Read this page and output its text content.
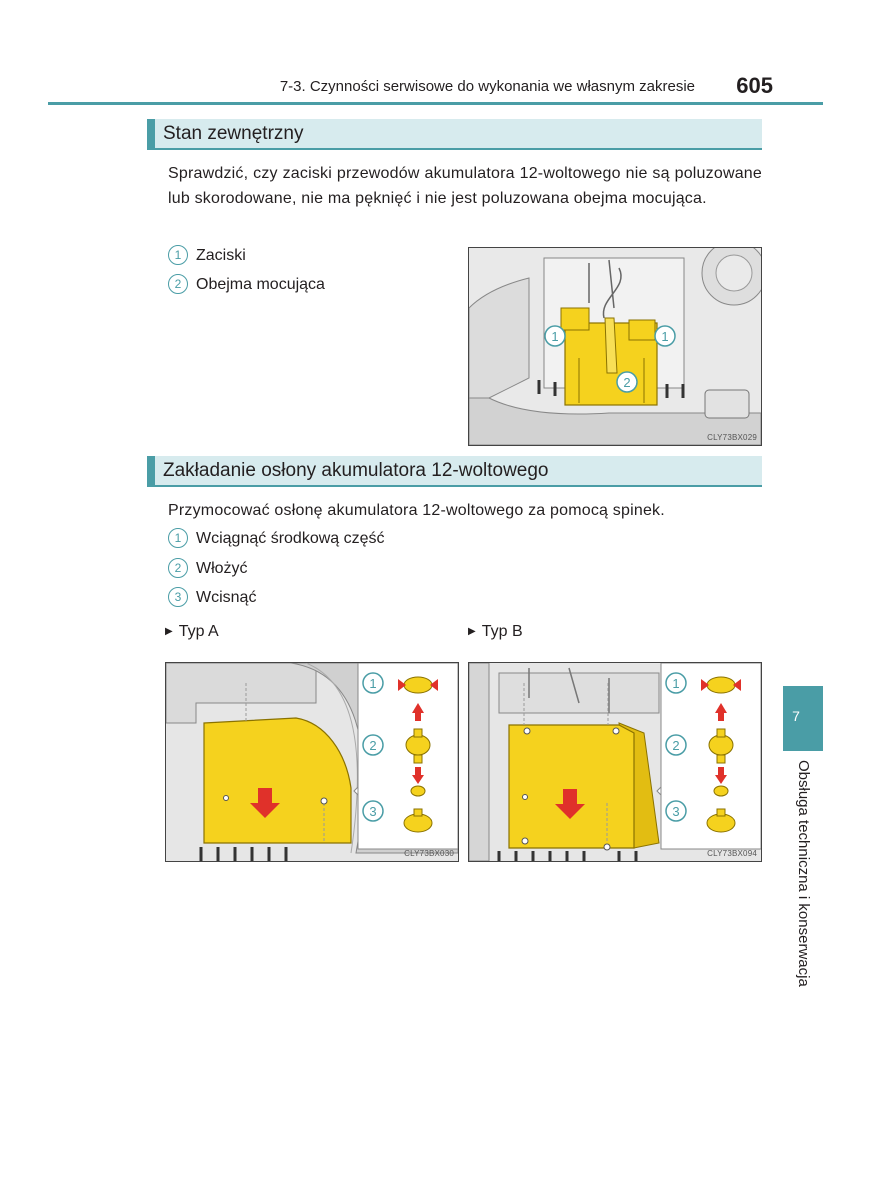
7-3. Czynności serwisowe do wykonania we własnym zakresie	605
Stan zewnętrzny
Sprawdzić, czy zaciski przewodów akumulatora 12-woltowego nie są poluzowane lub skorodowane, nie ma pęknięć i nie jest poluzowana obejma mocująca.
1 Zaciski
2 Obejma mocująca
1	1
2
CLY73BX029
Zakładanie osłony akumulatora 12-woltowego
Przymocować osłonę akumulatora 12-woltowego za pomocą spinek.
1 Wciągnąć środkową część
2 Włożyć
3 Wcisnąć
▶ Typ A	▶ Typ B
1
2
3
CLY73BX030
1
2
3
CLY73BX094
7
Obsługa techniczna i konserwacja
